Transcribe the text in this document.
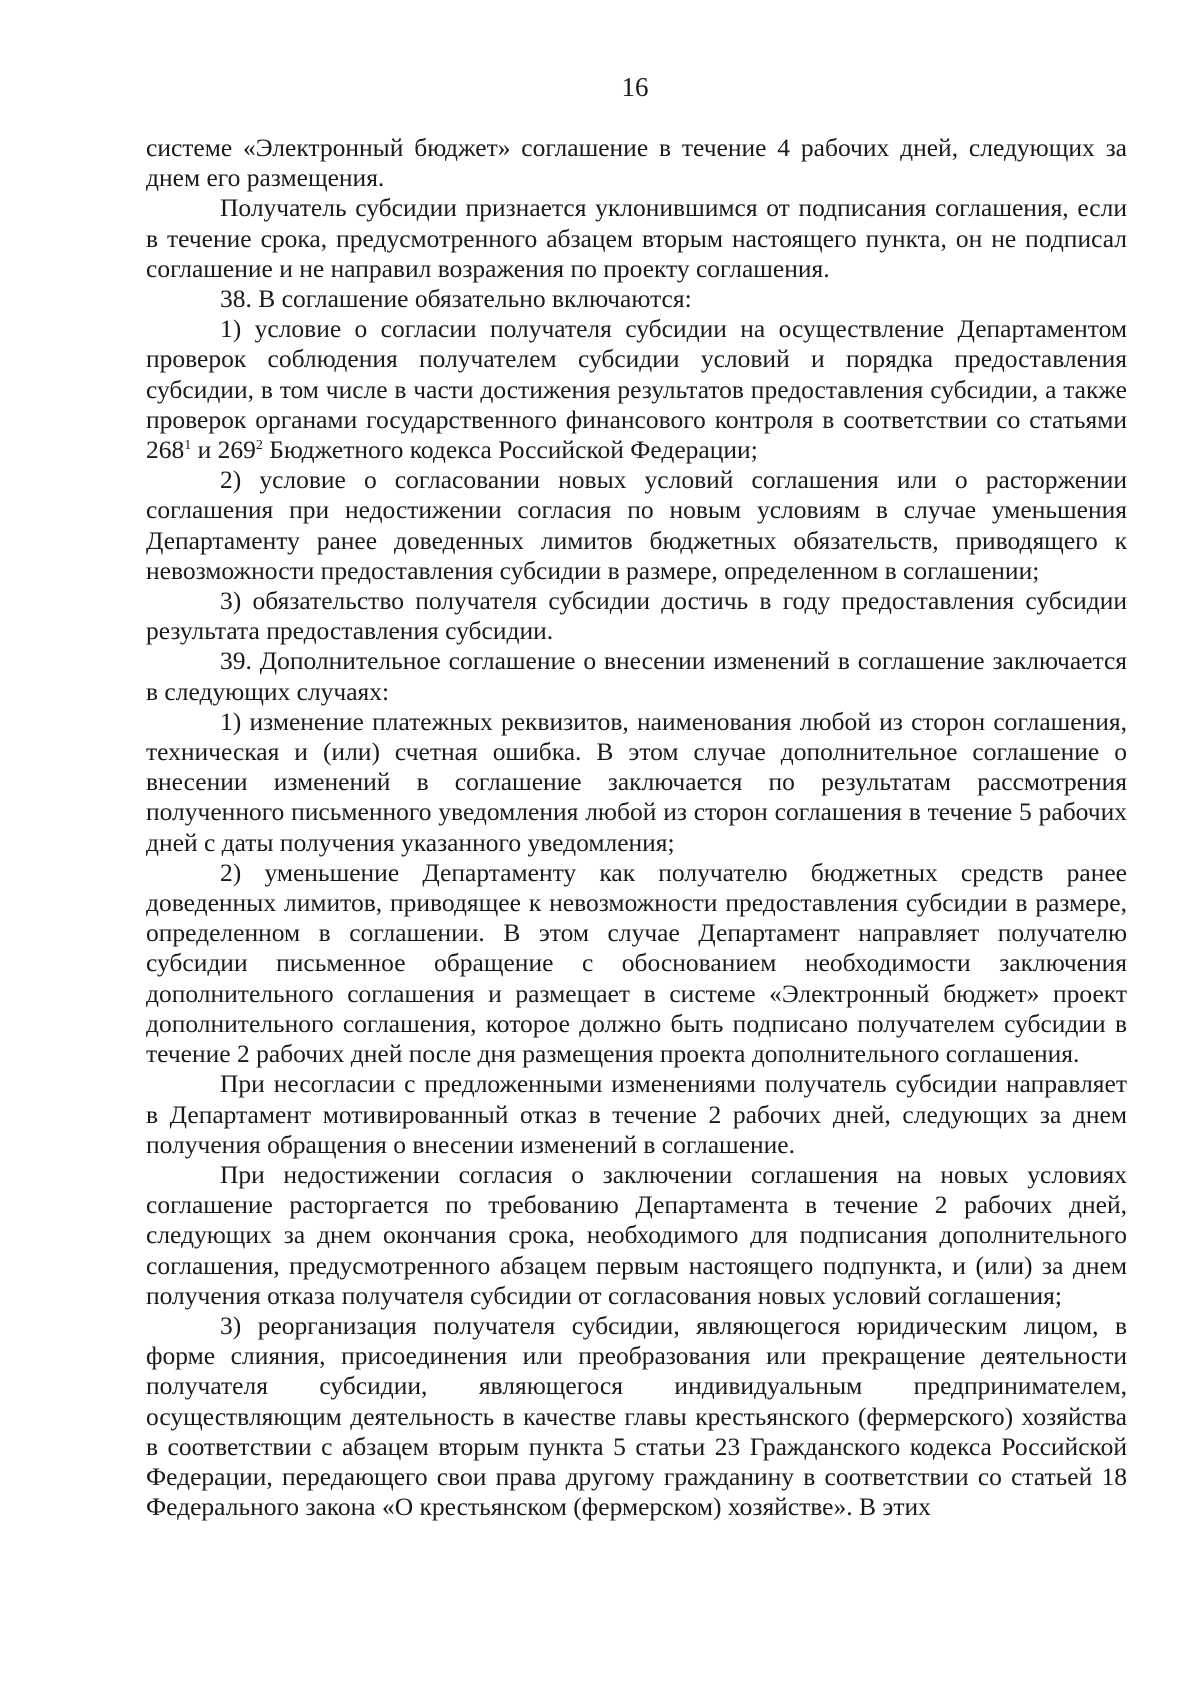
16

системе «Электронный бюджет» соглашение в течение 4 рабочих дней, следующих за днем его размещения.

Получатель субсидии признается уклонившимся от подписания соглашения, если в течение срока, предусмотренного абзацем вторым настоящего пункта, он не подписал соглашение и не направил возражения по проекту соглашения.

38. В соглашение обязательно включаются:

1) условие о согласии получателя субсидии на осуществление Департаментом проверок соблюдения получателем субсидии условий и порядка предоставления субсидии, в том числе в части достижения результатов предоставления субсидии, а также проверок органами государственного финансового контроля в соответствии со статьями $268^1$ и $269^2$ Бюджетного кодекса Российской Федерации;

2) условие о согласовании новых условий соглашения или о расторжении соглашения при недостижении согласия по новым условиям в случае уменьшения Департаменту ранее доведенных лимитов бюджетных обязательств, приводящего к невозможности предоставления субсидии в размере, определенном в соглашении;

3) обязательство получателя субсидии достичь в году предоставления субсидии результата предоставления субсидии.

39. Дополнительное соглашение о внесении изменений в соглашение заключается в следующих случаях:

1) изменение платежных реквизитов, наименования любой из сторон соглашения, техническая и (или) счетная ошибка. В этом случае дополнительное соглашение о внесении изменений в соглашение заключается по результатам рассмотрения полученного письменного уведомления любой из сторон соглашения в течение 5 рабочих дней с даты получения указанного уведомления;

2) уменьшение Департаменту как получателю бюджетных средств ранее доведенных лимитов, приводящее к невозможности предоставления субсидии в размере, определенном в соглашении. В этом случае Департамент направляет получателю субсидии письменное обращение с обоснованием необходимости заключения дополнительного соглашения и размещает в системе «Электронный бюджет» проект дополнительного соглашения, которое должно быть подписано получателем субсидии в течение 2 рабочих дней после дня размещения проекта дополнительного соглашения.

При несогласии с предложенными изменениями получатель субсидии направляет в Департамент мотивированный отказ в течение 2 рабочих дней, следующих за днем получения обращения о внесении изменений в соглашение.

При недостижении согласия о заключении соглашения на новых условиях соглашение расторгается по требованию Департамента в течение 2 рабочих дней, следующих за днем окончания срока, необходимого для подписания дополнительного соглашения, предусмотренного абзацем первым настоящего подпункта, и (или) за днем получения отказа получателя субсидии от согласования новых условий соглашения;

3) реорганизация получателя субсидии, являющегося юридическим лицом, в форме слияния, присоединения или преобразования или прекращение деятельности получателя субсидии, являющегося индивидуальным предпринимателем, осуществляющим деятельность в качестве главы крестьянского (фермерского) хозяйства в соответствии с абзацем вторым пункта 5 статьи 23 Гражданского кодекса Российской Федерации, передающего свои права другому гражданину в соответствии со статьей 18 Федерального закона «О крестьянском (фермерском) хозяйстве». В этих
